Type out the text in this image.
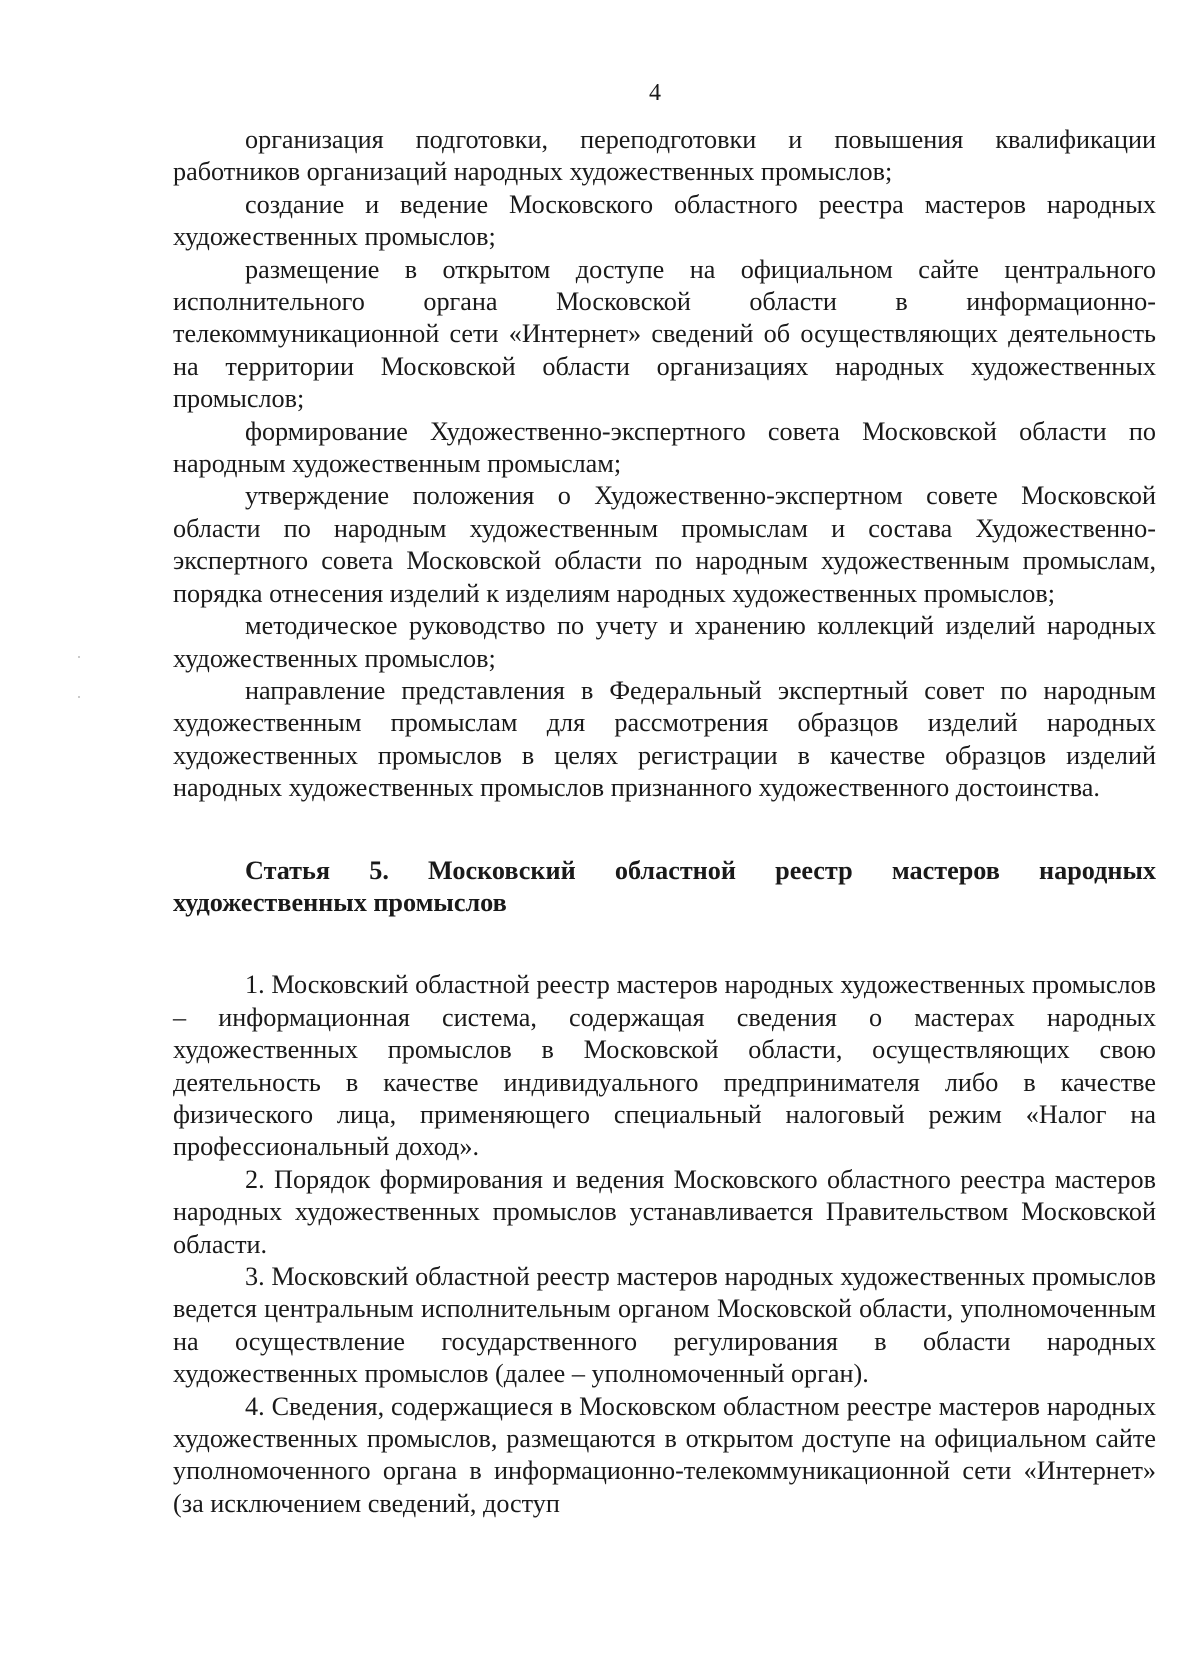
4

организация подготовки, переподготовки и повышения квалификации работников организаций народных художественных промыслов;

создание и ведение Московского областного реестра мастеров народных художественных промыслов;

размещение в открытом доступе на официальном сайте центрального исполнительного органа Московской области в информационно-телекоммуникационной сети «Интернет» сведений об осуществляющих деятельность на территории Московской области организациях народных художественных промыслов;

формирование Художественно-экспертного совета Московской области по народным художественным промыслам;

утверждение положения о Художественно-экспертном совете Московской области по народным художественным промыслам и состава Художественно-экспертного совета Московской области по народным художественным промыслам, порядка отнесения изделий к изделиям народных художественных промыслов;

методическое руководство по учету и хранению коллекций изделий народных художественных промыслов;

направление представления в Федеральный экспертный совет по народным художественным промыслам для рассмотрения образцов изделий народных художественных промыслов в целях регистрации в качестве образцов изделий народных художественных промыслов признанного художественного достоинства.

Статья 5. Московский областной реестр мастеров народных художественных промыслов

1. Московский областной реестр мастеров народных художественных промыслов – информационная система, содержащая сведения о мастерах народных художественных промыслов в Московской области, осуществляющих свою деятельность в качестве индивидуального предпринимателя либо в качестве физического лица, применяющего специальный налоговый режим «Налог на профессиональный доход».

2. Порядок формирования и ведения Московского областного реестра мастеров народных художественных промыслов устанавливается Правительством Московской области.

3. Московский областной реестр мастеров народных художественных промыслов ведется центральным исполнительным органом Московской области, уполномоченным на осуществление государственного регулирования в области народных художественных промыслов (далее – уполномоченный орган).

4. Сведения, содержащиеся в Московском областном реестре мастеров народных художественных промыслов, размещаются в открытом доступе на официальном сайте уполномоченного органа в информационно-телекоммуникационной сети «Интернет» (за исключением сведений, доступ
